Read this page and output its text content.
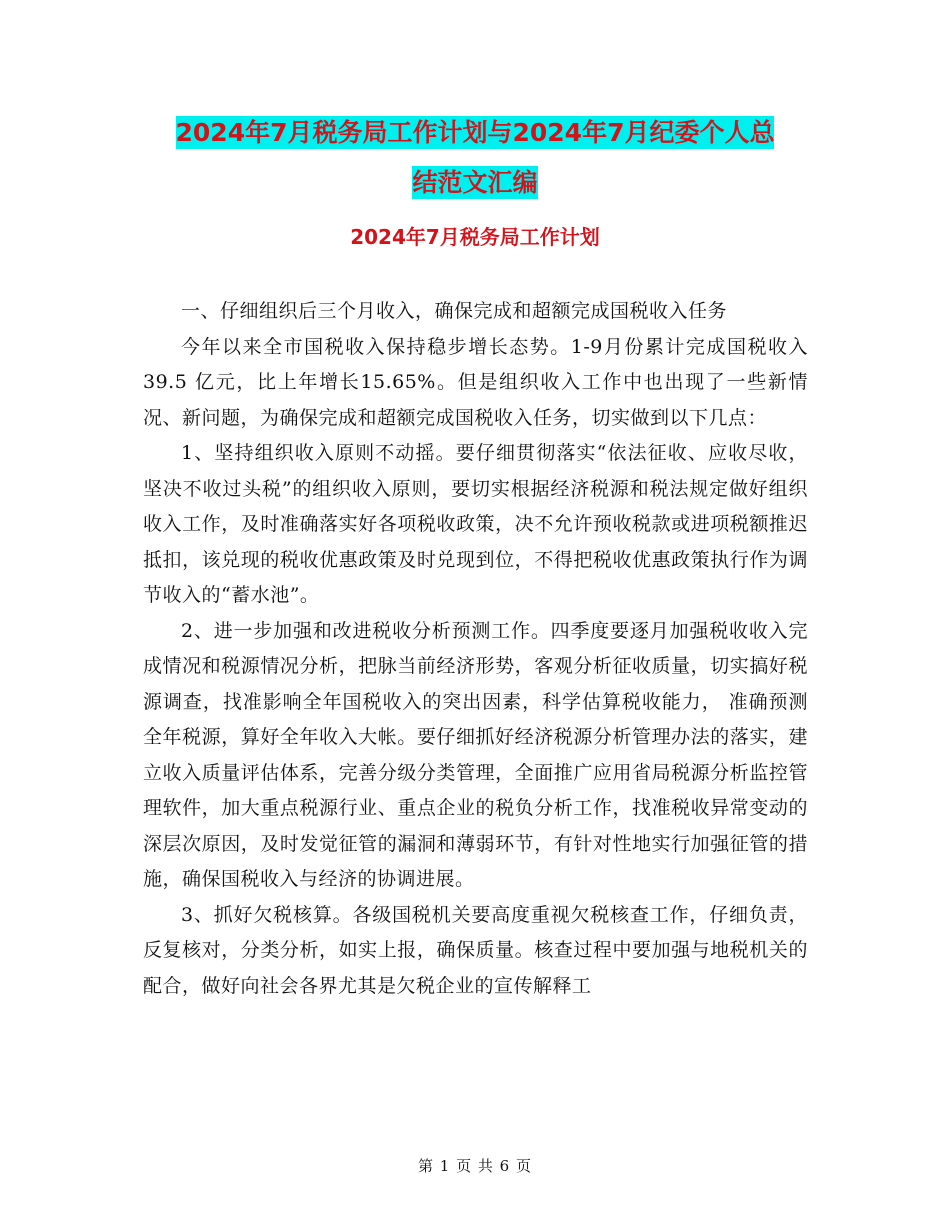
2024年7月税务局工作计划与2024年7月纪委个人总
结范文汇编
2024年7月税务局工作计划

一、仔细组织后三个月收入，确保完成和超额完成国税收入任务

今年以来全市国税收入保持稳步增长态势。1-9月份累计完成国税收入39.5 亿元，比上年增长15.65%。但是组织收入工作中也出现了一些新情况、新问题，为确保完成和超额完成国税收入任务，切实做到以下几点：

1、坚持组织收入原则不动摇。要仔细贯彻落实“依法征收、应收尽收，坚决不收过头税”的组织收入原则，要切实根据经济税源和税法规定做好组织收入工作，及时准确落实好各项税收政策，决不允许预收税款或进项税额推迟抵扣，该兑现的税收优惠政策及时兑现到位，不得把税收优惠政策执行作为调节收入的“蓄水池”。

2、进一步加强和改进税收分析预测工作。四季度要逐月加强税收收入完成情况和税源情况分析，把脉当前经济形势，客观分析征收质量，切实搞好税源调查，找准影响全年国税收入的突出因素，科学估算税收能力， 准确预测全年税源，算好全年收入大帐。要仔细抓好经济税源分析管理办法的落实，建立收入质量评估体系，完善分级分类管理，全面推广应用省局税源分析监控管理软件，加大重点税源行业、重点企业的税负分析工作，找准税收异常变动的深层次原因，及时发觉征管的漏洞和薄弱环节，有针对性地实行加强征管的措施，确保国税收入与经济的协调进展。

3、抓好欠税核算。各级国税机关要高度重视欠税核查工作，仔细负责，反复核对，分类分析，如实上报，确保质量。核查过程中要加强与地税机关的配合，做好向社会各界尤其是欠税企业的宣传解释工

第 1 页 共 6 页
